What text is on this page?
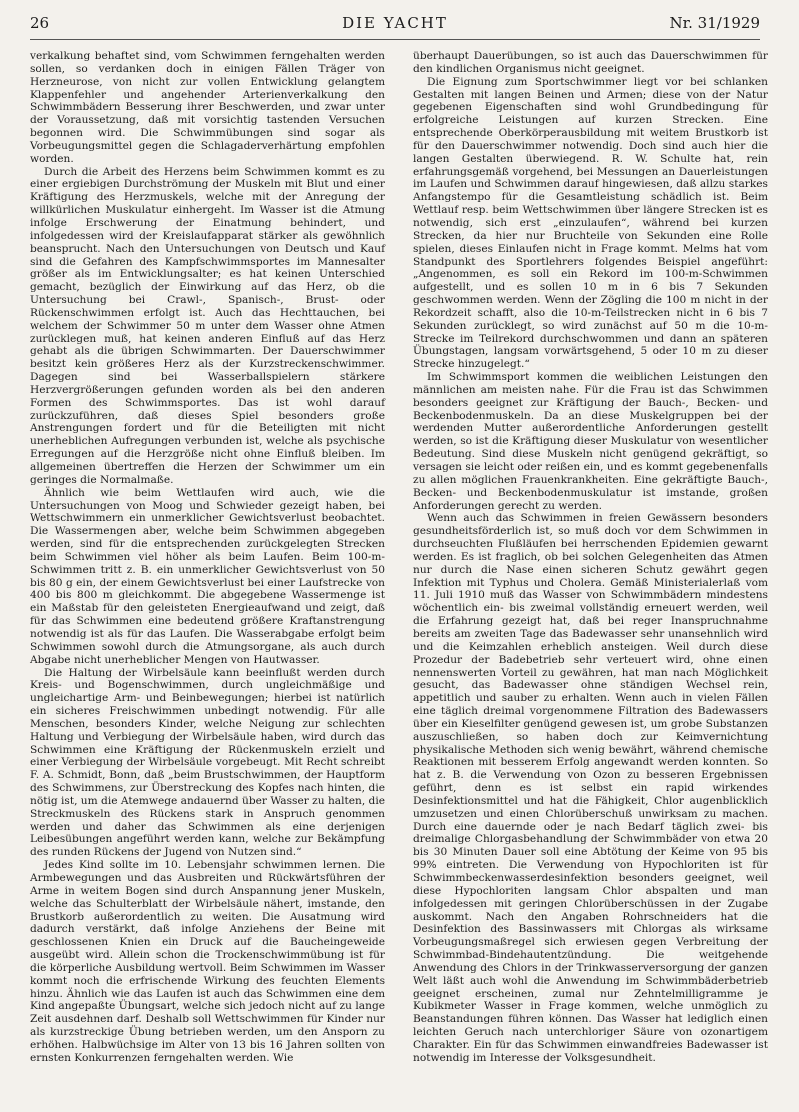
26	DIE YACHT	Nr. 31/1929

verkalkung behaftet sind, vom Schwimmen ferngehalten werden sollen, so verdanken doch in einigen Fällen Träger von Herzneurose, von nicht zur vollen Entwicklung gelangtem Klappenfehler und angehender Arterienverkalkung den Schwimmbädern Besserung ihrer Beschwerden, und zwar unter der Voraussetzung, daß mit vorsichtig tastenden Versuchen begonnen wird. Die Schwimmübungen sind sogar als Vorbeugungsmittel gegen die Schlagaderverhärtung empfohlen worden.

Durch die Arbeit des Herzens beim Schwimmen kommt es zu einer ergiebigen Durchströmung der Muskeln mit Blut und einer Kräftigung des Herzmuskels, welche mit der Anregung der willkürlichen Muskulatur einhergeht. Im Wasser ist die Atmung infolge Erschwerung der Einatmung behindert, und infolgedessen wird der Kreislaufapparat stärker als gewöhnlich beansprucht. Nach den Untersuchungen von Deutsch und Kauf sind die Gefahren des Kampfschwimmsportes im Mannesalter größer als im Entwicklungsalter; es hat keinen Unterschied gemacht, bezüglich der Einwirkung auf das Herz, ob die Untersuchung bei Crawl-, Spanisch-, Brust- oder Rückenschwimmen erfolgt ist. Auch das Hechttauchen, bei welchem der Schwimmer 50 m unter dem Wasser ohne Atmen zurücklegen muß, hat keinen anderen Einfluß auf das Herz gehabt als die übrigen Schwimmarten. Der Dauerschwimmer besitzt kein größeres Herz als der Kurzstreckenschwimmer. Dagegen sind bei Wasserballspielern stärkere Herzvergrößerungen gefunden worden als bei den anderen Formen des Schwimmsportes. Das ist wohl darauf zurückzuführen, daß dieses Spiel besonders große Anstrengungen fordert und für die Beteiligten mit nicht unerheblichen Aufregungen verbunden ist, welche als psychische Erregungen auf die Herzgröße nicht ohne Einfluß bleiben. Im allgemeinen übertreffen die Herzen der Schwimmer um ein geringes die Normalmaße.

Ähnlich wie beim Wettlaufen wird auch, wie die Untersuchungen von Moog und Schwieder gezeigt haben, bei Wettschwimmern ein unmerklicher Gewichtsverlust beobachtet. Die Wassermengen aber, welche beim Schwimmen abgegeben werden, sind für die entsprechenden zurückgelegten Strecken beim Schwimmen viel höher als beim Laufen. Beim 100-m-Schwimmen tritt z. B. ein unmerklicher Gewichtsverlust von 50 bis 80 g ein, der einem Gewichtsverlust bei einer Laufstrecke von 400 bis 800 m gleichkommt. Die abgegebene Wassermenge ist ein Maßstab für den geleisteten Energieaufwand und zeigt, daß für das Schwimmen eine bedeutend größere Kraftanstrengung notwendig ist als für das Laufen. Die Wasserabgabe erfolgt beim Schwimmen sowohl durch die Atmungsorgane, als auch durch Abgabe nicht unerheblicher Mengen von Hautwasser.

Die Haltung der Wirbelsäule kann beeinflußt werden durch Kreis- und Bogenschwimmen, durch ungleichmäßige und ungleichartige Arm- und Beinbewegungen; hierbei ist natürlich ein sicheres Freischwimmen unbedingt notwendig. Für alle Menschen, besonders Kinder, welche Neigung zur schlechten Haltung und Verbiegung der Wirbelsäule haben, wird durch das Schwimmen eine Kräftigung der Rückenmuskeln erzielt und einer Verbiegung der Wirbelsäule vorgebeugt. Mit Recht schreibt F. A. Schmidt, Bonn, daß „beim Brustschwimmen, der Hauptform des Schwimmens, zur Überstreckung des Kopfes nach hinten, die nötig ist, um die Atemwege andauernd über Wasser zu halten, die Streckmuskeln des Rückens stark in Anspruch genommen werden und daher das Schwimmen als eine derjenigen Leibesübungen angeführt werden kann, welche zur Bekämpfung des runden Rückens der Jugend von Nutzen sind.“

Jedes Kind sollte im 10. Lebensjahr schwimmen lernen. Die Armbewegungen und das Ausbreiten und Rückwärtsführen der Arme in weitem Bogen sind durch Anspannung jener Muskeln, welche das Schulterblatt der Wirbelsäule nähert, imstande, den Brustkorb außerordentlich zu weiten. Die Ausatmung wird dadurch verstärkt, daß infolge Anziehens der Beine mit geschlossenen Knien ein Druck auf die Baucheingeweide ausgeübt wird. Allein schon die Trockenschwimmübung ist für die körperliche Ausbildung wertvoll. Beim Schwimmen im Wasser kommt noch die erfrischende Wirkung des feuchten Elements hinzu. Ähnlich wie das Laufen ist auch das Schwimmen eine dem Kind angepaßte Übungsart, welche sich jedoch nicht auf zu lange Zeit ausdehnen darf. Deshalb soll Wettschwimmen für Kinder nur als kurzstreckige Übung betrieben werden, um den Ansporn zu erhöhen. Halbwüchsige im Alter von 13 bis 16 Jahren sollten von ernsten Konkurrenzen ferngehalten werden. Wie

überhaupt Dauerübungen, so ist auch das Dauerschwimmen für den kindlichen Organismus nicht geeignet.

Die Eignung zum Sportschwimmer liegt vor bei schlanken Gestalten mit langen Beinen und Armen; diese von der Natur gegebenen Eigenschaften sind wohl Grundbedingung für erfolgreiche Leistungen auf kurzen Strecken. Eine entsprechende Oberkörperausbildung mit weitem Brustkorb ist für den Dauerschwimmer notwendig. Doch sind auch hier die langen Gestalten überwiegend. R. W. Schulte hat, rein erfahrungsgemäß vorgehend, bei Messungen an Dauerleistungen im Laufen und Schwimmen darauf hingewiesen, daß allzu starkes Anfangstempo für die Gesamtleistung schädlich ist. Beim Wettlauf resp. beim Wettschwimmen über längere Strecken ist es notwendig, sich erst „einzulaufen“, während bei kurzen Strecken, da hier nur Bruchteile von Sekunden eine Rolle spielen, dieses Einlaufen nicht in Frage kommt. Melms hat vom Standpunkt des Sportlehrers folgendes Beispiel angeführt: „Angenommen, es soll ein Rekord im 100-m-Schwimmen aufgestellt, und es sollen 10 m in 6 bis 7 Sekunden geschwommen werden. Wenn der Zögling die 100 m nicht in der Rekordzeit schafft, also die 10-m-Teilstrecken nicht in 6 bis 7 Sekunden zurücklegt, so wird zunächst auf 50 m die 10-m-Strecke im Teilrekord durchschwommen und dann an späteren Übungstagen, langsam vorwärtsgehend, 5 oder 10 m zu dieser Strecke hinzugelegt.“

Im Schwimmsport kommen die weiblichen Leistungen den männlichen am meisten nahe. Für die Frau ist das Schwimmen besonders geeignet zur Kräftigung der Bauch-, Becken- und Beckenbodenmuskeln. Da an diese Muskelgruppen bei der werdenden Mutter außerordentliche Anforderungen gestellt werden, so ist die Kräftigung dieser Muskulatur von wesentlicher Bedeutung. Sind diese Muskeln nicht genügend gekräftigt, so versagen sie leicht oder reißen ein, und es kommt gegebenenfalls zu allen möglichen Frauenkrankheiten. Eine gekräftigte Bauch-, Becken- und Beckenbodenmuskulatur ist imstande, großen Anforderungen gerecht zu werden.

Wenn auch das Schwimmen in freien Gewässern besonders gesundheitsförderlich ist, so muß doch vor dem Schwimmen in durchseuchten Flußläufen bei herrschenden Epidemien gewarnt werden. Es ist fraglich, ob bei solchen Gelegenheiten das Atmen nur durch die Nase einen sicheren Schutz gewährt gegen Infektion mit Typhus und Cholera. Gemäß Ministerialerlaß vom 11. Juli 1910 muß das Wasser von Schwimmbädern mindestens wöchentlich ein- bis zweimal vollständig erneuert werden, weil die Erfahrung gezeigt hat, daß bei reger Inanspruchnahme bereits am zweiten Tage das Badewasser sehr unansehnlich wird und die Keimzahlen erheblich ansteigen. Weil durch diese Prozedur der Badebetrieb sehr verteuert wird, ohne einen nennenswerten Vorteil zu gewähren, hat man nach Möglichkeit gesucht, das Badewasser ohne ständigen Wechsel rein, appetitlich und sauber zu erhalten. Wenn auch in vielen Fällen eine täglich dreimal vorgenommene Filtration des Badewassers über ein Kieselfilter genügend gewesen ist, um grobe Substanzen auszuschließen, so haben doch zur Keimvernichtung physikalische Methoden sich wenig bewährt, während chemische Reaktionen mit besserem Erfolg angewandt werden konnten. So hat z. B. die Verwendung von Ozon zu besseren Ergebnissen geführt, denn es ist selbst ein rapid wirkendes Desinfektionsmittel und hat die Fähigkeit, Chlor augenblicklich umzusetzen und einen Chlorüberschuß unwirksam zu machen. Durch eine dauernde oder je nach Bedarf täglich zwei- bis dreimalige Chlorgasbehandlung der Schwimmbäder von etwa 20 bis 30 Minuten Dauer soll eine Abtötung der Keime von 95 bis 99% eintreten. Die Verwendung von Hypochloriten ist für Schwimmbeckenwasserdesinfektion besonders geeignet, weil diese Hypochloriten langsam Chlor abspalten und man infolgedessen mit geringen Chlorüberschüssen in der Zugabe auskommt. Nach den Angaben Rohrschneiders hat die Desinfektion des Bassinwassers mit Chlorgas als wirksame Vorbeugungsmaßregel sich erwiesen gegen Verbreitung der Schwimmbad-Bindehautentzündung. Die weitgehende Anwendung des Chlors in der Trinkwasserversorgung der ganzen Welt läßt auch wohl die Anwendung im Schwimmbäderbetrieb geeignet erscheinen, zumal nur Zehntelmilligramme je Kubikmeter Wasser in Frage kommen, welche unmöglich zu Beanstandungen führen können. Das Wasser hat lediglich einen leichten Geruch nach unterchloriger Säure von ozonartigem Charakter. Ein für das Schwimmen einwandfreies Badewasser ist notwendig im Interesse der Volksgesundheit.
